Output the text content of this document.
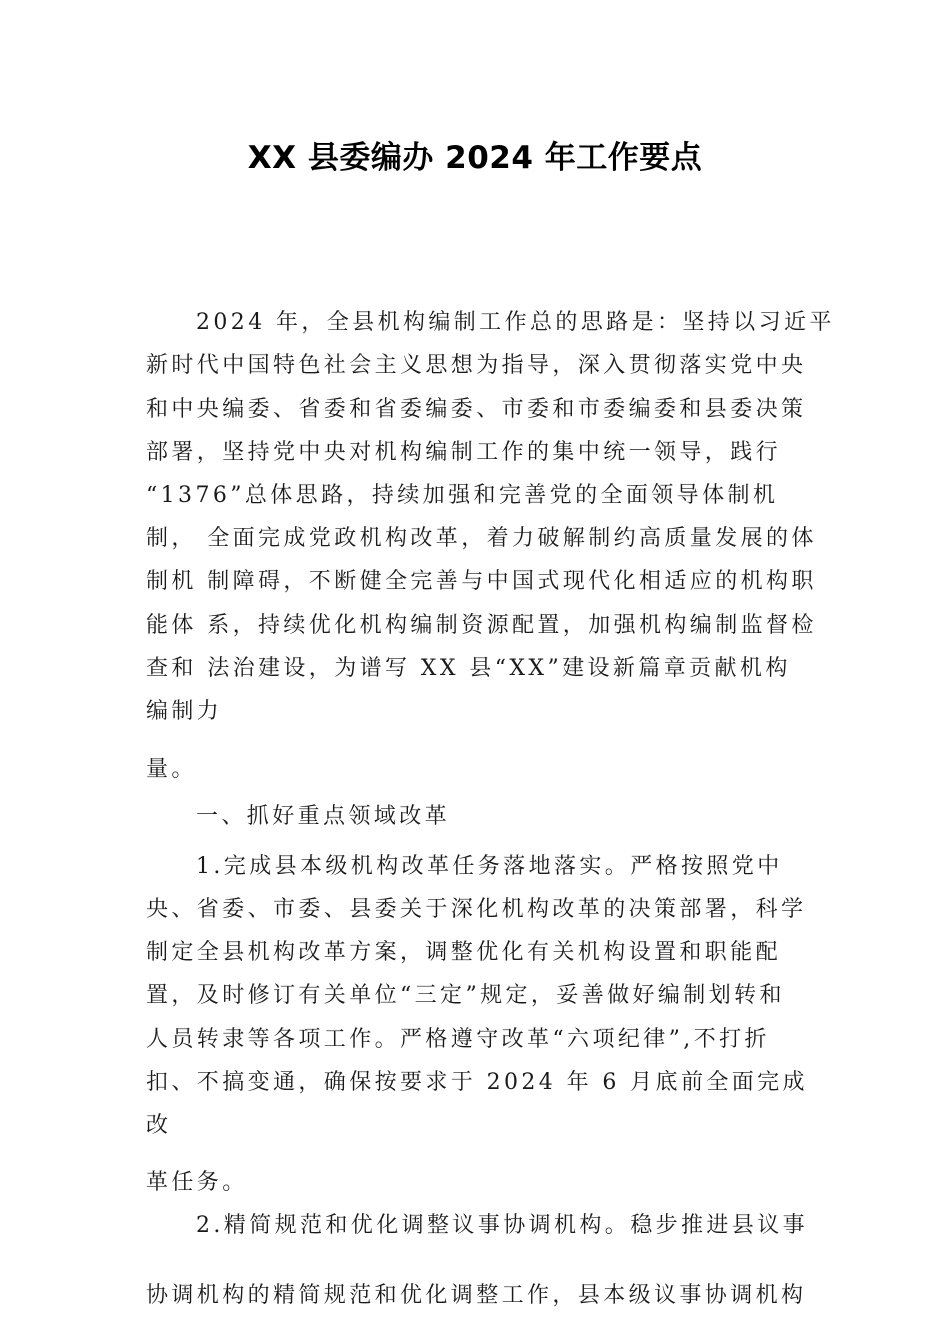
XX 县委编办 2024 年工作要点
2024 年，全县机构编制工作总的思路是：坚持以习近平
新时代中国特色社会主义思想为指导，深入贯彻落实党中央
和中央编委、省委和省委编委、市委和市委编委和县委决策
部署，坚持党中央对机构编制工作的集中统一领导，践行
“1376”总体思路，持续加强和完善党的全面领导体制机
制， 全面完成党政机构改革，着力破解制约高质量发展的体
制机 制障碍，不断健全完善与中国式现代化相适应的机构职
能体 系，持续优化机构编制资源配置，加强机构编制监督检
查和 法治建设，为谱写 XX 县“XX”建设新篇章贡献机构
编制力
量。
一、抓好重点领域改革
1.完成县本级机构改革任务落地落实。严格按照党中
央、省委、市委、县委关于深化机构改革的决策部署，科学
制定全县机构改革方案，调整优化有关机构设置和职能配
置，及时修订有关单位“三定”规定，妥善做好编制划转和
人员转隶等各项工作。严格遵守改革“六项纪律”,不打折
扣、不搞变通，确保按要求于 2024 年 6 月底前全面完成
改
革任务。
2.精简规范和优化调整议事协调机构。稳步推进县议事
协调机构的精简规范和优化调整工作，县本级议事协调机构
